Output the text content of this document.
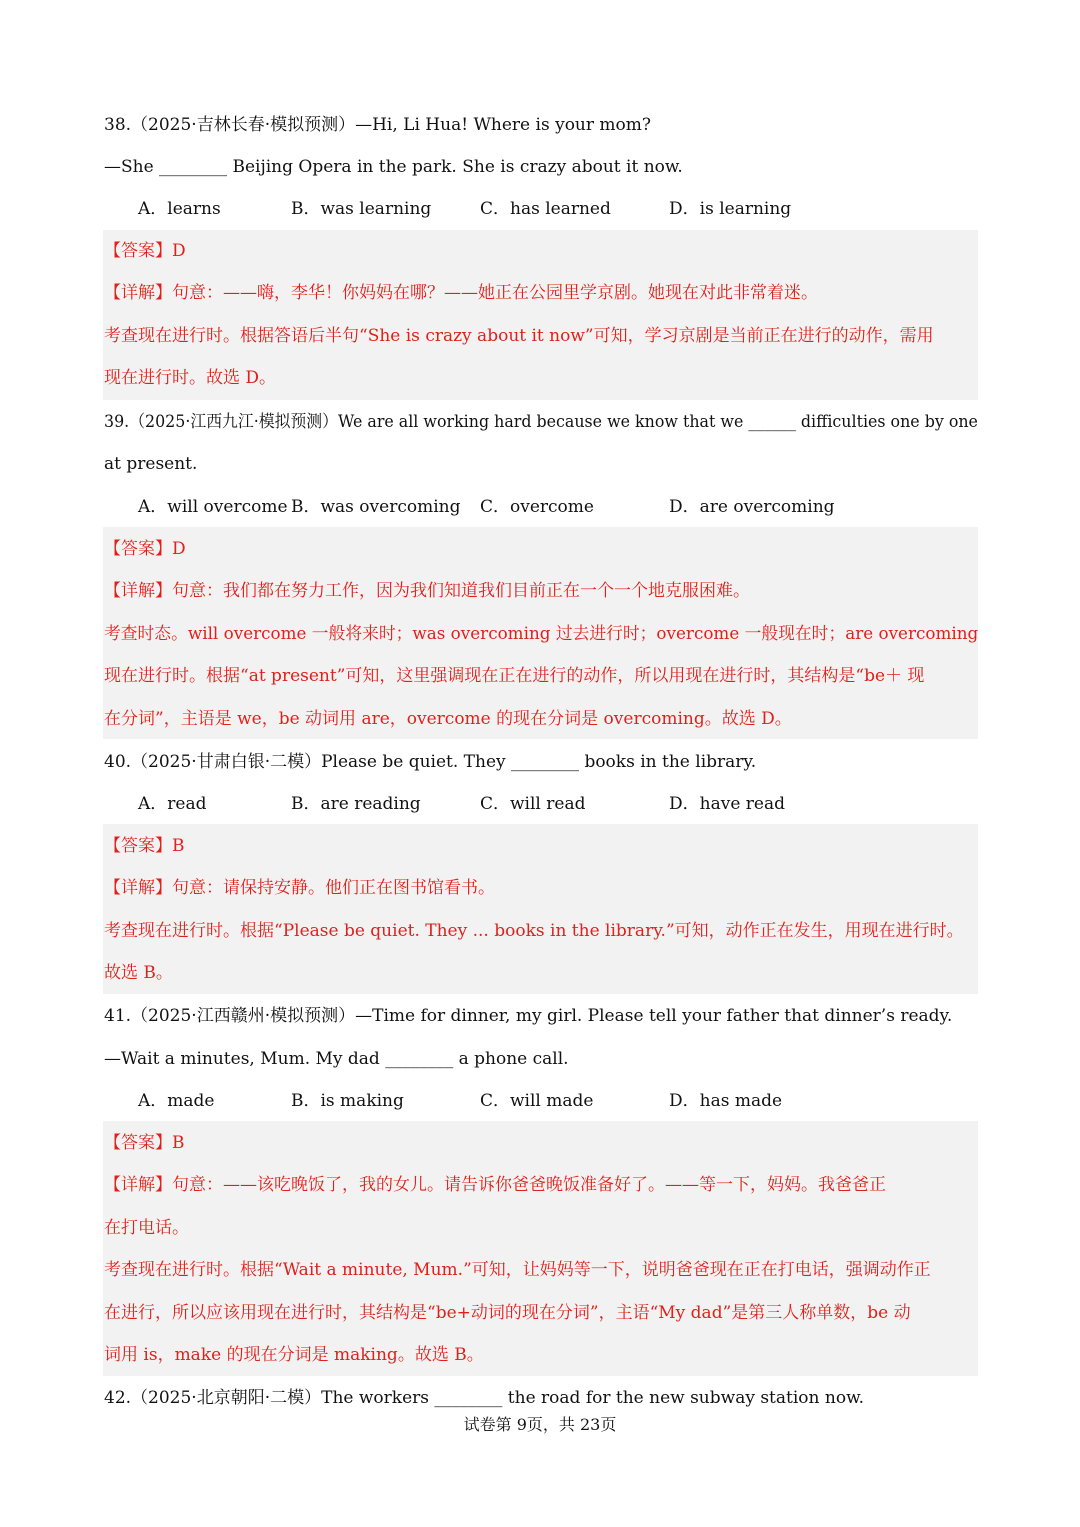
38.（2025·吉林长春·模拟预测）—Hi, Li Hua! Where is your mom?
—She ________ Beijing Opera in the park. She is crazy about it now.
A．learns	B．was learning	C．has learned	D．is learning
【答案】D
【详解】句意：——嗨，李华！你妈妈在哪？——她正在公园里学京剧。她现在对此非常着迷。
考查现在进行时。根据答语后半句“She is crazy about it now”可知，学习京剧是当前正在进行的动作，需用
现在进行时。故选 D。
39.（2025·江西九江·模拟预测）We are all working hard because we know that we ______ difficulties one by one
at present.
A．will overcome B．was overcoming C．overcome	D．are overcoming
【答案】D
【详解】句意：我们都在努力工作，因为我们知道我们目前正在一个一个地克服困难。
考查时态。will overcome 一般将来时；was overcoming 过去进行时；overcome 一般现在时；are overcoming
现在进行时。根据“at present”可知，这里强调现在正在进行的动作，所以用现在进行时，其结构是“be＋ 现
在分词”，主语是 we，be 动词用 are，overcome 的现在分词是 overcoming。故选 D。
40.（2025·甘肃白银·二模）Please be quiet. They ________ books in the library.
A．read	B．are reading	C．will read	D．have read
【答案】B
【详解】句意：请保持安静。他们正在图书馆看书。
考查现在进行时。根据“Please be quiet. They ... books in the library.”可知，动作正在发生，用现在进行时。
故选 B。
41.（2025·江西赣州·模拟预测）—Time for dinner, my girl. Please tell your father that dinner’s ready.
—Wait a minutes, Mum. My dad ________ a phone call.
A．made	B．is making	C．will made	D．has made
【答案】B
【详解】句意：——该吃晚饭了，我的女儿。请告诉你爸爸晚饭准备好了。——等一下，妈妈。我爸爸正
在打电话。
考查现在进行时。根据“Wait a minute, Mum.”可知，让妈妈等一下，说明爸爸现在正在打电话，强调动作正
在进行，所以应该用现在进行时，其结构是“be+动词的现在分词”，主语“My dad”是第三人称单数，be 动
词用 is，make 的现在分词是 making。故选 B。
42.（2025·北京朝阳·二模）The workers ________ the road for the new subway station now.
试卷第 9页，共 23页
